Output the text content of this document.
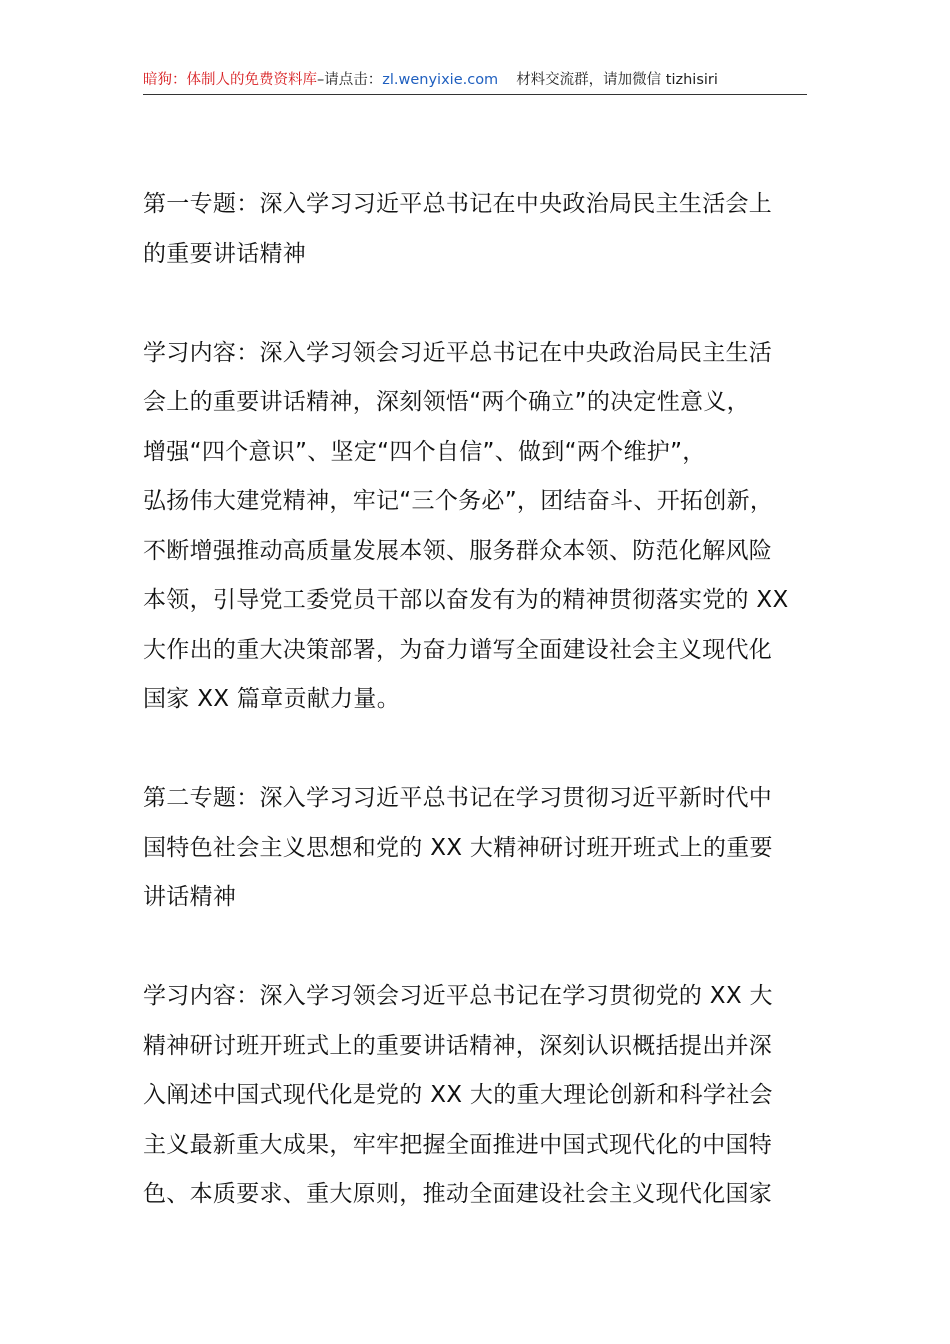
暗狗：体制人的免费资料库–请点击：zl.wenyixie.com 材料交流群，请加微信 tizhisiri
第一专题：深入学习习近平总书记在中央政治局民主生活会上
的重要讲话精神
学习内容：深入学习领会习近平总书记在中央政治局民主生活
会上的重要讲话精神，深刻领悟“两个确立”的决定性意义，
增强“四个意识”、坚定“四个自信”、做到“两个维护”，
弘扬伟大建党精神，牢记“三个务必”，团结奋斗、开拓创新，
不断增强推动高质量发展本领、服务群众本领、防范化解风险
本领，引导党工委党员干部以奋发有为的精神贯彻落实党的 XX
大作出的重大决策部署，为奋力谱写全面建设社会主义现代化
国家 XX 篇章贡献力量。
第二专题：深入学习习近平总书记在学习贯彻习近平新时代中
国特色社会主义思想和党的 XX 大精神研讨班开班式上的重要
讲话精神
学习内容：深入学习领会习近平总书记在学习贯彻党的 XX 大
精神研讨班开班式上的重要讲话精神，深刻认识概括提出并深
入阐述中国式现代化是党的 XX 大的重大理论创新和科学社会
主义最新重大成果，牢牢把握全面推进中国式现代化的中国特
色、本质要求、重大原则，推动全面建设社会主义现代化国家
